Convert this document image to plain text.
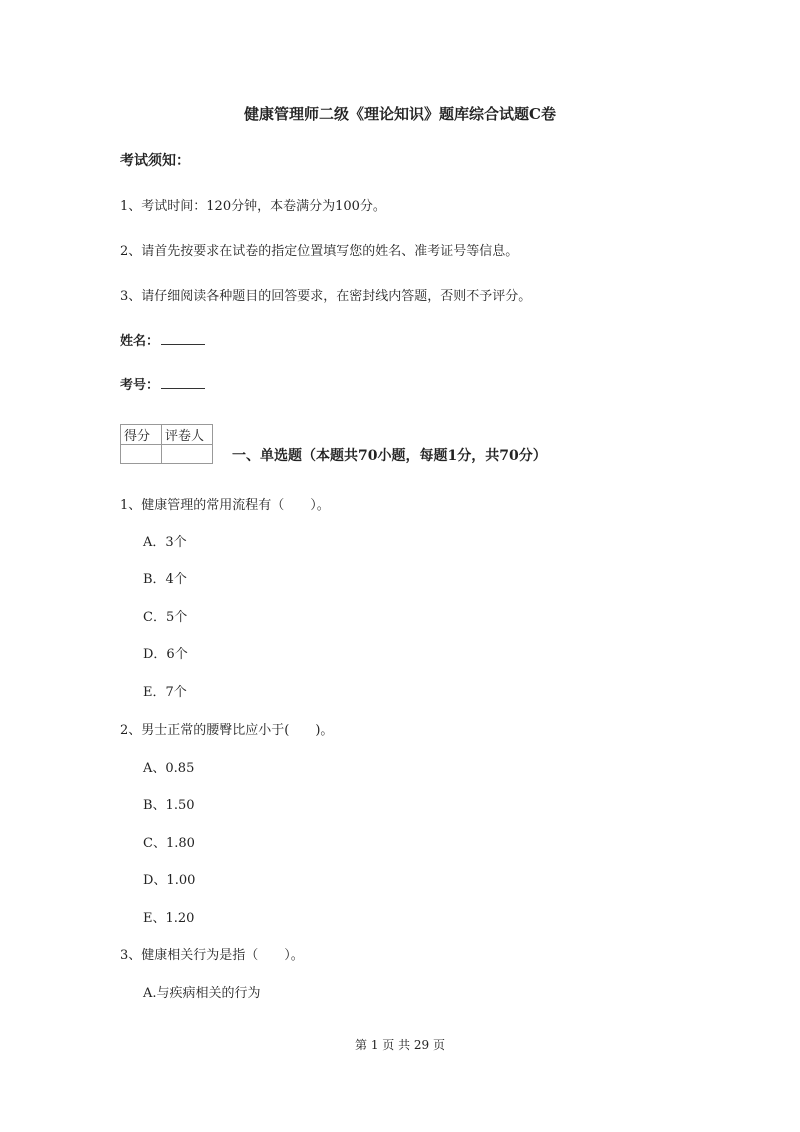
健康管理师二级《理论知识》题库综合试题C卷
考试须知：
1、考试时间：120分钟，本卷满分为100分。
2、请首先按要求在试卷的指定位置填写您的姓名、准考证号等信息。
3、请仔细阅读各种题目的回答要求，在密封线内答题，否则不予评分。
姓名：
考号：
得分	评卷人

一、单选题（本题共70小题，每题1分，共70分）
1、健康管理的常用流程有（　　）。
A．3个
B．4个
C．5个
D．6个
E．7个
2、男士正常的腰臀比应小于(　　)。
A、0.85
B、1.50
C、1.80
D、1.00
E、1.20
3、健康相关行为是指（　　）。
A.与疾病相关的行为
第 1 页 共 29 页
